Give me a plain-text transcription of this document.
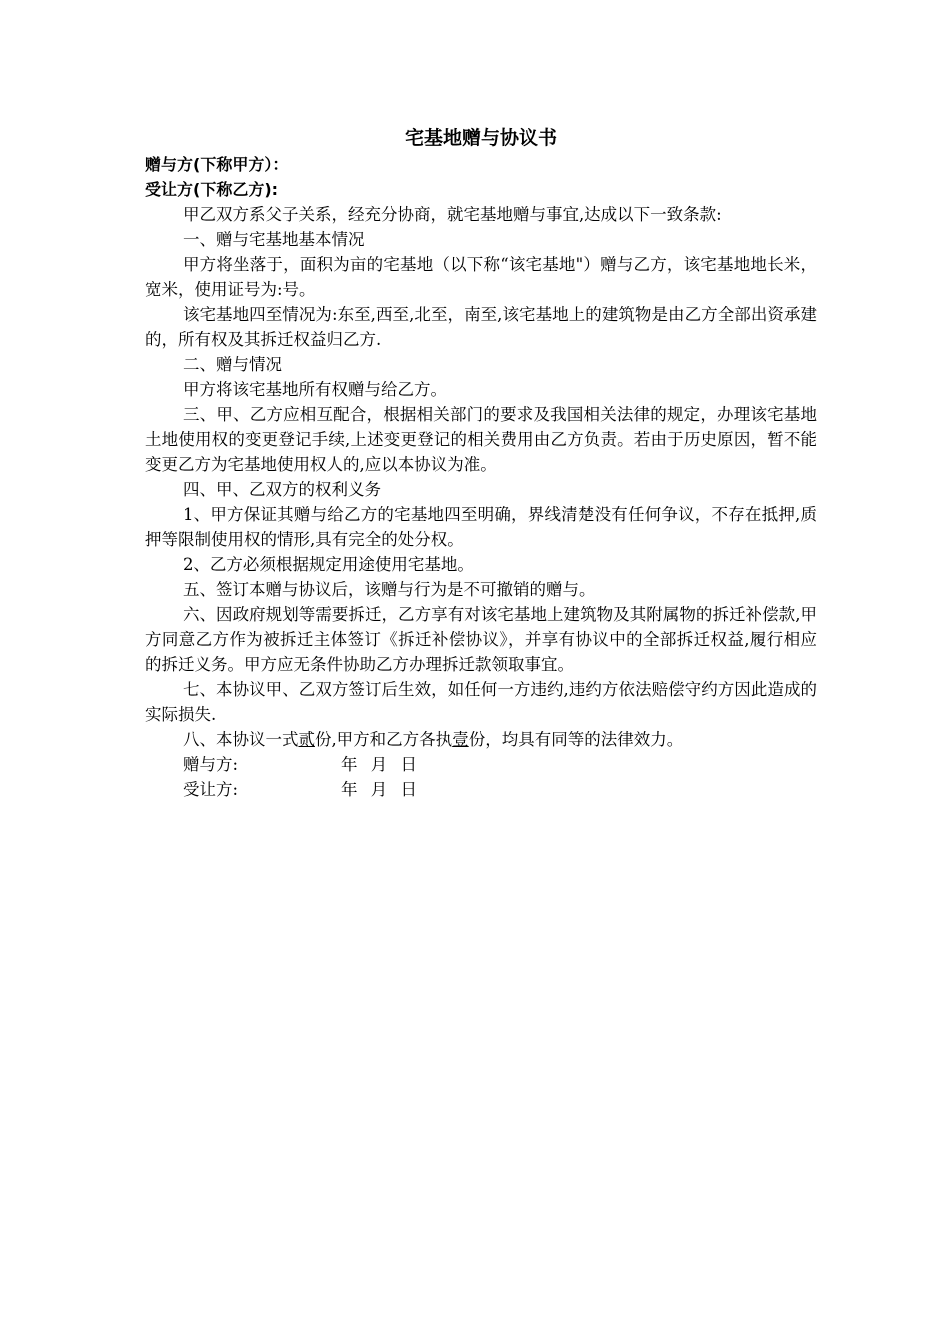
宅基地赠与协议书
赠与方(下称甲方）：
受让方(下称乙方):

甲乙双方系父子关系，经充分协商，就宅基地赠与事宜,达成以下一致条款:

一、赠与宅基地基本情况

甲方将坐落于，面积为亩的宅基地（以下称“该宅基地"）赠与乙方，该宅基地地长米，宽米，使用证号为:号。

该宅基地四至情况为:东至,西至,北至，南至,该宅基地上的建筑物是由乙方全部出资承建的，所有权及其拆迁权益归乙方.

二、赠与情况

甲方将该宅基地所有权赠与给乙方。

三、甲、乙方应相互配合，根据相关部门的要求及我国相关法律的规定，办理该宅基地土地使用权的变更登记手续,上述变更登记的相关费用由乙方负责。若由于历史原因，暂不能变更乙方为宅基地使用权人的,应以本协议为准。

四、甲、乙双方的权利义务

1、甲方保证其赠与给乙方的宅基地四至明确，界线清楚没有任何争议，不存在抵押,质押等限制使用权的情形,具有完全的处分权。

2、乙方必须根据规定用途使用宅基地。

五、签订本赠与协议后，该赠与行为是不可撤销的赠与。

六、因政府规划等需要拆迁，乙方享有对该宅基地上建筑物及其附属物的拆迁补偿款,甲方同意乙方作为被拆迁主体签订《拆迁补偿协议》，并享有协议中的全部拆迁权益,履行相应的拆迁义务。甲方应无条件协助乙方办理拆迁款领取事宜。

七、本协议甲、乙双方签订后生效，如任何一方违约,违约方依法赔偿守约方因此造成的实际损失.

八、本协议一式贰份,甲方和乙方各执壹份，均具有同等的法律效力。

赠与方:	年 月 日
受让方:	年 月 日
